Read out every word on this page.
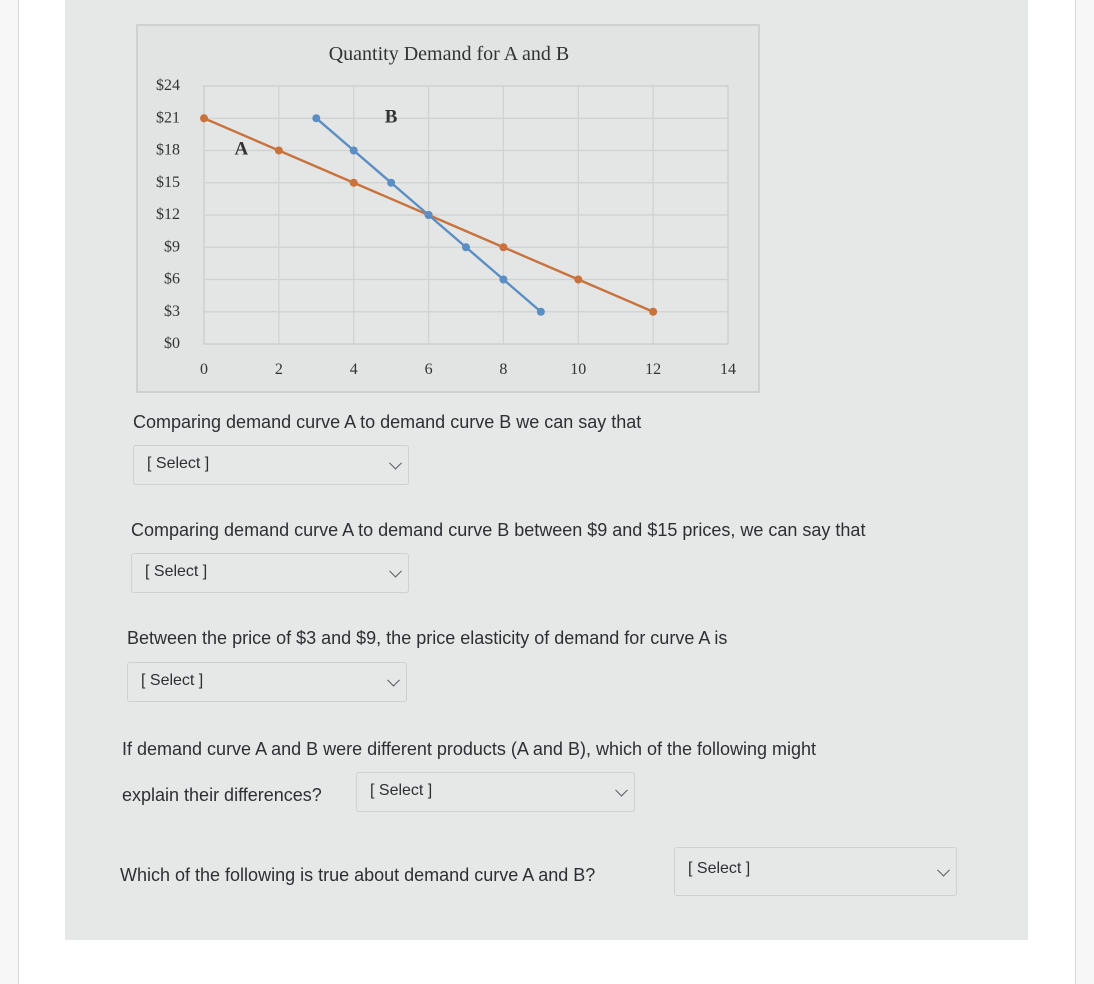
Quantity Demand for A and B
$24
$21
$18
$15
$12
$9
$6
$3
$0
0	2	4	6	8	10	12	14
A
B
Comparing demand curve A to demand curve B we can say that
[ Select ]
Comparing demand curve A to demand curve B between $9 and $15 prices, we can say that
[ Select ]
Between the price of $3 and $9, the price elasticity of demand for curve A is
[ Select ]
If demand curve A and B were different products (A and B), which of the following might
explain their differences?	[ Select ]
Which of the following is true about demand curve A and B?	[ Select ]
